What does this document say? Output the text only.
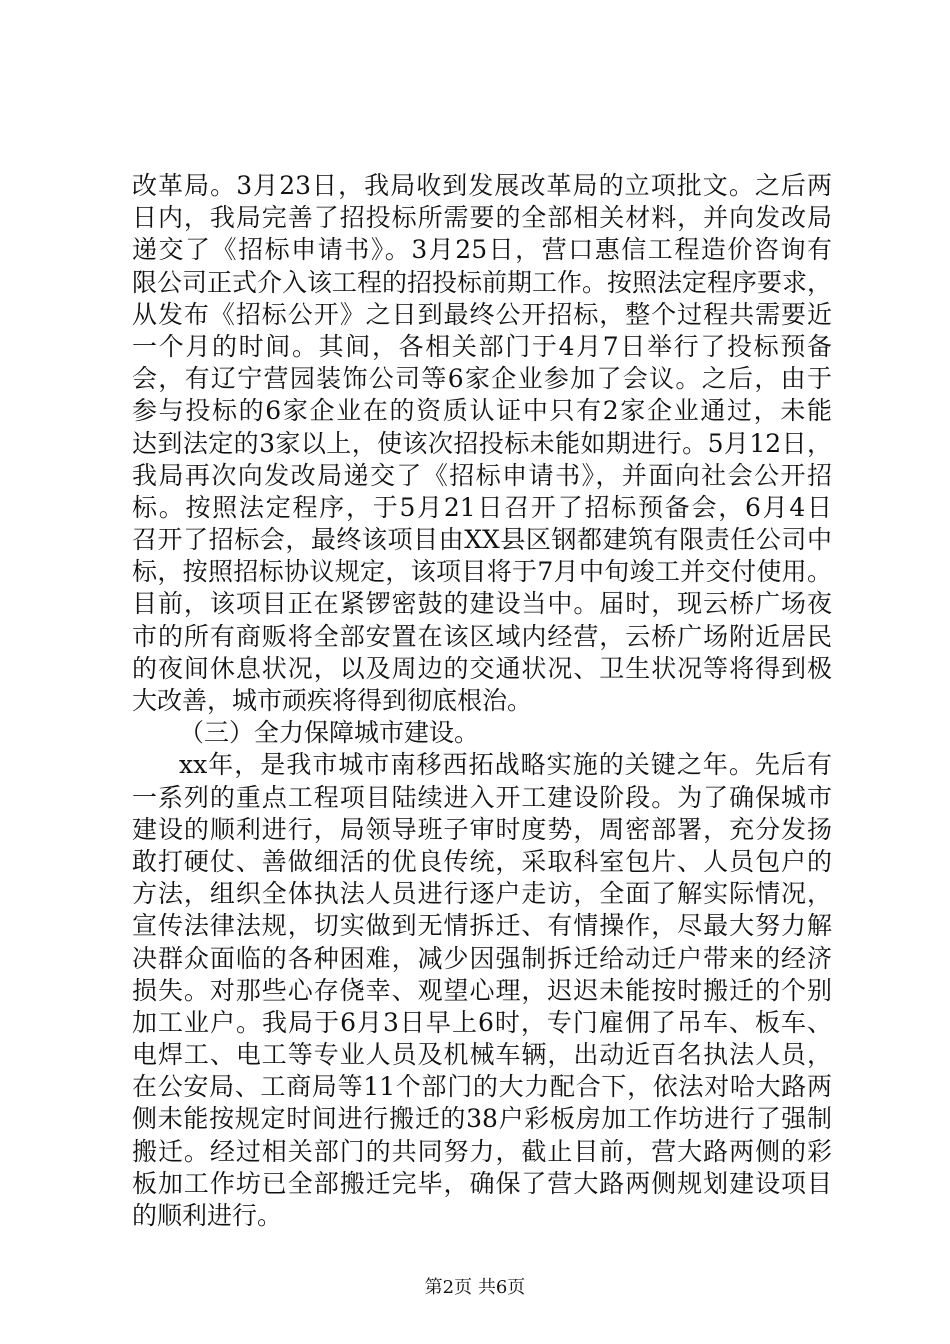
改革局。3月23日，我局收到发展改革局的立项批文。之后两
日内，我局完善了招投标所需要的全部相关材料，并向发改局
递交了《招标申请书》。3月25日，营口惠信工程造价咨询有
限公司正式介入该工程的招投标前期工作。按照法定程序要求，
从发布《招标公开》之日到最终公开招标，整个过程共需要近
一个月的时间。其间，各相关部门于4月7日举行了投标预备
会，有辽宁营园装饰公司等6家企业参加了会议。之后，由于
参与投标的6家企业在的资质认证中只有2家企业通过，未能
达到法定的3家以上，使该次招投标未能如期进行。5月12日，
我局再次向发改局递交了《招标申请书》，并面向社会公开招
标。按照法定程序，于5月21日召开了招标预备会，6月4日
召开了招标会，最终该项目由XX县区钢都建筑有限责任公司中
标，按照招标协议规定，该项目将于7月中旬竣工并交付使用。
目前，该项目正在紧锣密鼓的建设当中。届时，现云桥广场夜
市的所有商贩将全部安置在该区域内经营，云桥广场附近居民
的夜间休息状况，以及周边的交通状况、卫生状况等将得到极
大改善，城市顽疾将得到彻底根治。
（三）全力保障城市建设。
xx年，是我市城市南移西拓战略实施的关键之年。先后有
一系列的重点工程项目陆续进入开工建设阶段。为了确保城市
建设的顺利进行，局领导班子审时度势，周密部署，充分发扬
敢打硬仗、善做细活的优良传统，采取科室包片、人员包户的
方法，组织全体执法人员进行逐户走访，全面了解实际情况，
宣传法律法规，切实做到无情拆迁、有情操作，尽最大努力解
决群众面临的各种困难，减少因强制拆迁给动迁户带来的经济
损失。对那些心存侥幸、观望心理，迟迟未能按时搬迁的个别
加工业户。我局于6月3日早上6时，专门雇佣了吊车、板车、
电焊工、电工等专业人员及机械车辆，出动近百名执法人员，
在公安局、工商局等11个部门的大力配合下，依法对哈大路两
侧未能按规定时间进行搬迁的38户彩板房加工作坊进行了强制
搬迁。经过相关部门的共同努力，截止目前，营大路两侧的彩
板加工作坊已全部搬迁完毕，确保了营大路两侧规划建设项目
的顺利进行。
第2页 共6页
